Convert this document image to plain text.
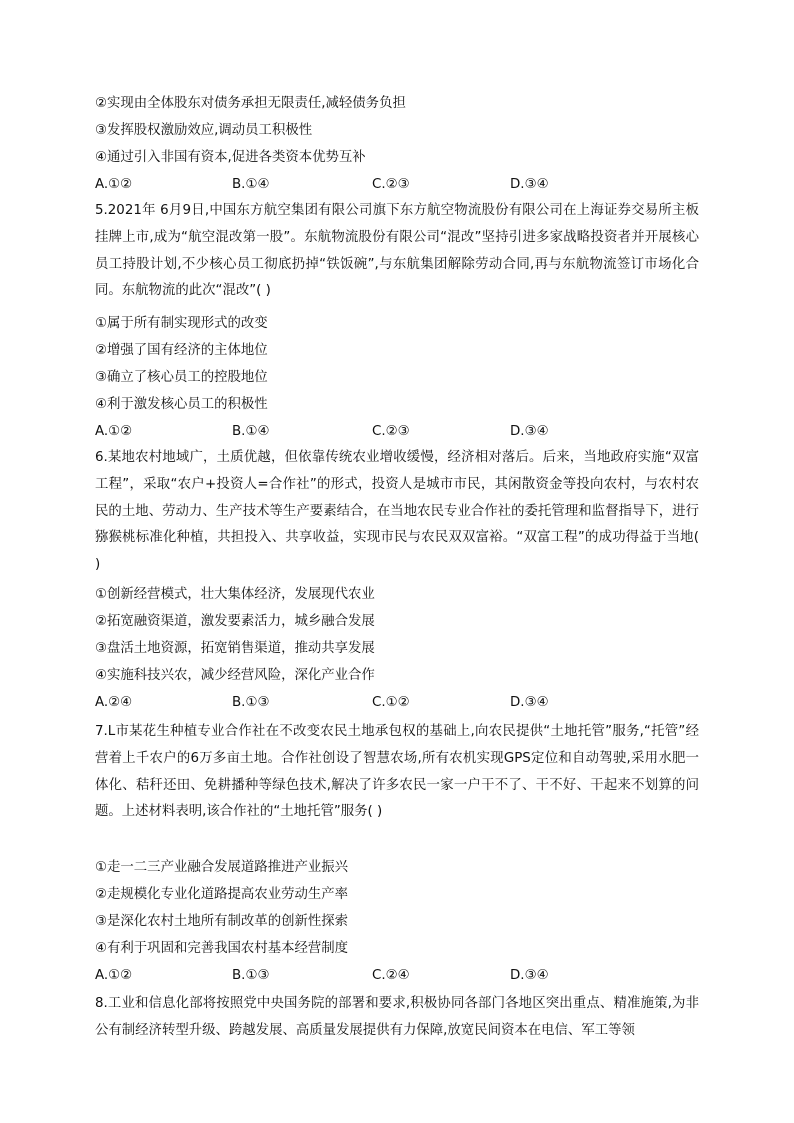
②实现由全体股东对债务承担无限责任,减轻债务负担
③发挥股权激励效应,调动员工积极性
④通过引入非国有资本,促进各类资本优势互补
A.①②	B.①④	C.②③	D.③④
5.2021年 6月9日,中国东方航空集团有限公司旗下东方航空物流股份有限公司在上海证券交易所主板挂牌上市,成为“航空混改第一股”。东航物流股份有限公司“混改”坚持引进多家战略投资者并开展核心员工持股计划,不少核心员工彻底扔掉“铁饭碗”,与东航集团解除劳动合同,再与东航物流签订市场化合同。东航物流的此次“混改”( )
①属于所有制实现形式的改变
②增强了国有经济的主体地位
③确立了核心员工的控股地位
④利于激发核心员工的积极性
A.①②	B.①④	C.②③	D.③④
6.某地农村地域广，土质优越，但依靠传统农业增收缓慢，经济相对落后。后来，当地政府实施“双富工程”，采取“农户+投资人=合作社”的形式，投资人是城市市民，其闲散资金等投向农村，与农村农民的土地、劳动力、生产技术等生产要素结合，在当地农民专业合作社的委托管理和监督指导下，进行猕猴桃标准化种植，共担投入、共享收益，实现市民与农民双双富裕。“双富工程”的成功得益于当地( )
①创新经营模式，壮大集体经济，发展现代农业
②拓宽融资渠道，激发要素活力，城乡融合发展
③盘活土地资源，拓宽销售渠道，推动共享发展
④实施科技兴农，减少经营风险，深化产业合作
A.②④	B.①③	C.①②	D.③④
7.L市某花生种植专业合作社在不改变农民土地承包权的基础上,向农民提供“土地托管”服务,“托管”经营着上千农户的6万多亩土地。合作社创设了智慧农场,所有农机实现GPS定位和自动驾驶,采用水肥一体化、秸秆还田、免耕播种等绿色技术,解决了许多农民一家一户干不了、干不好、干起来不划算的问题。上述材料表明,该合作社的“土地托管”服务( )
①走一二三产业融合发展道路推进产业振兴
②走规模化专业化道路提高农业劳动生产率
③是深化农村土地所有制改革的创新性探索
④有利于巩固和完善我国农村基本经营制度
A.①②	B.①③	C.②④	D.③④
8.工业和信息化部将按照党中央国务院的部署和要求,积极协同各部门各地区突出重点、精准施策,为非公有制经济转型升级、跨越发展、高质量发展提供有力保障,放宽民间资本在电信、军工等领
